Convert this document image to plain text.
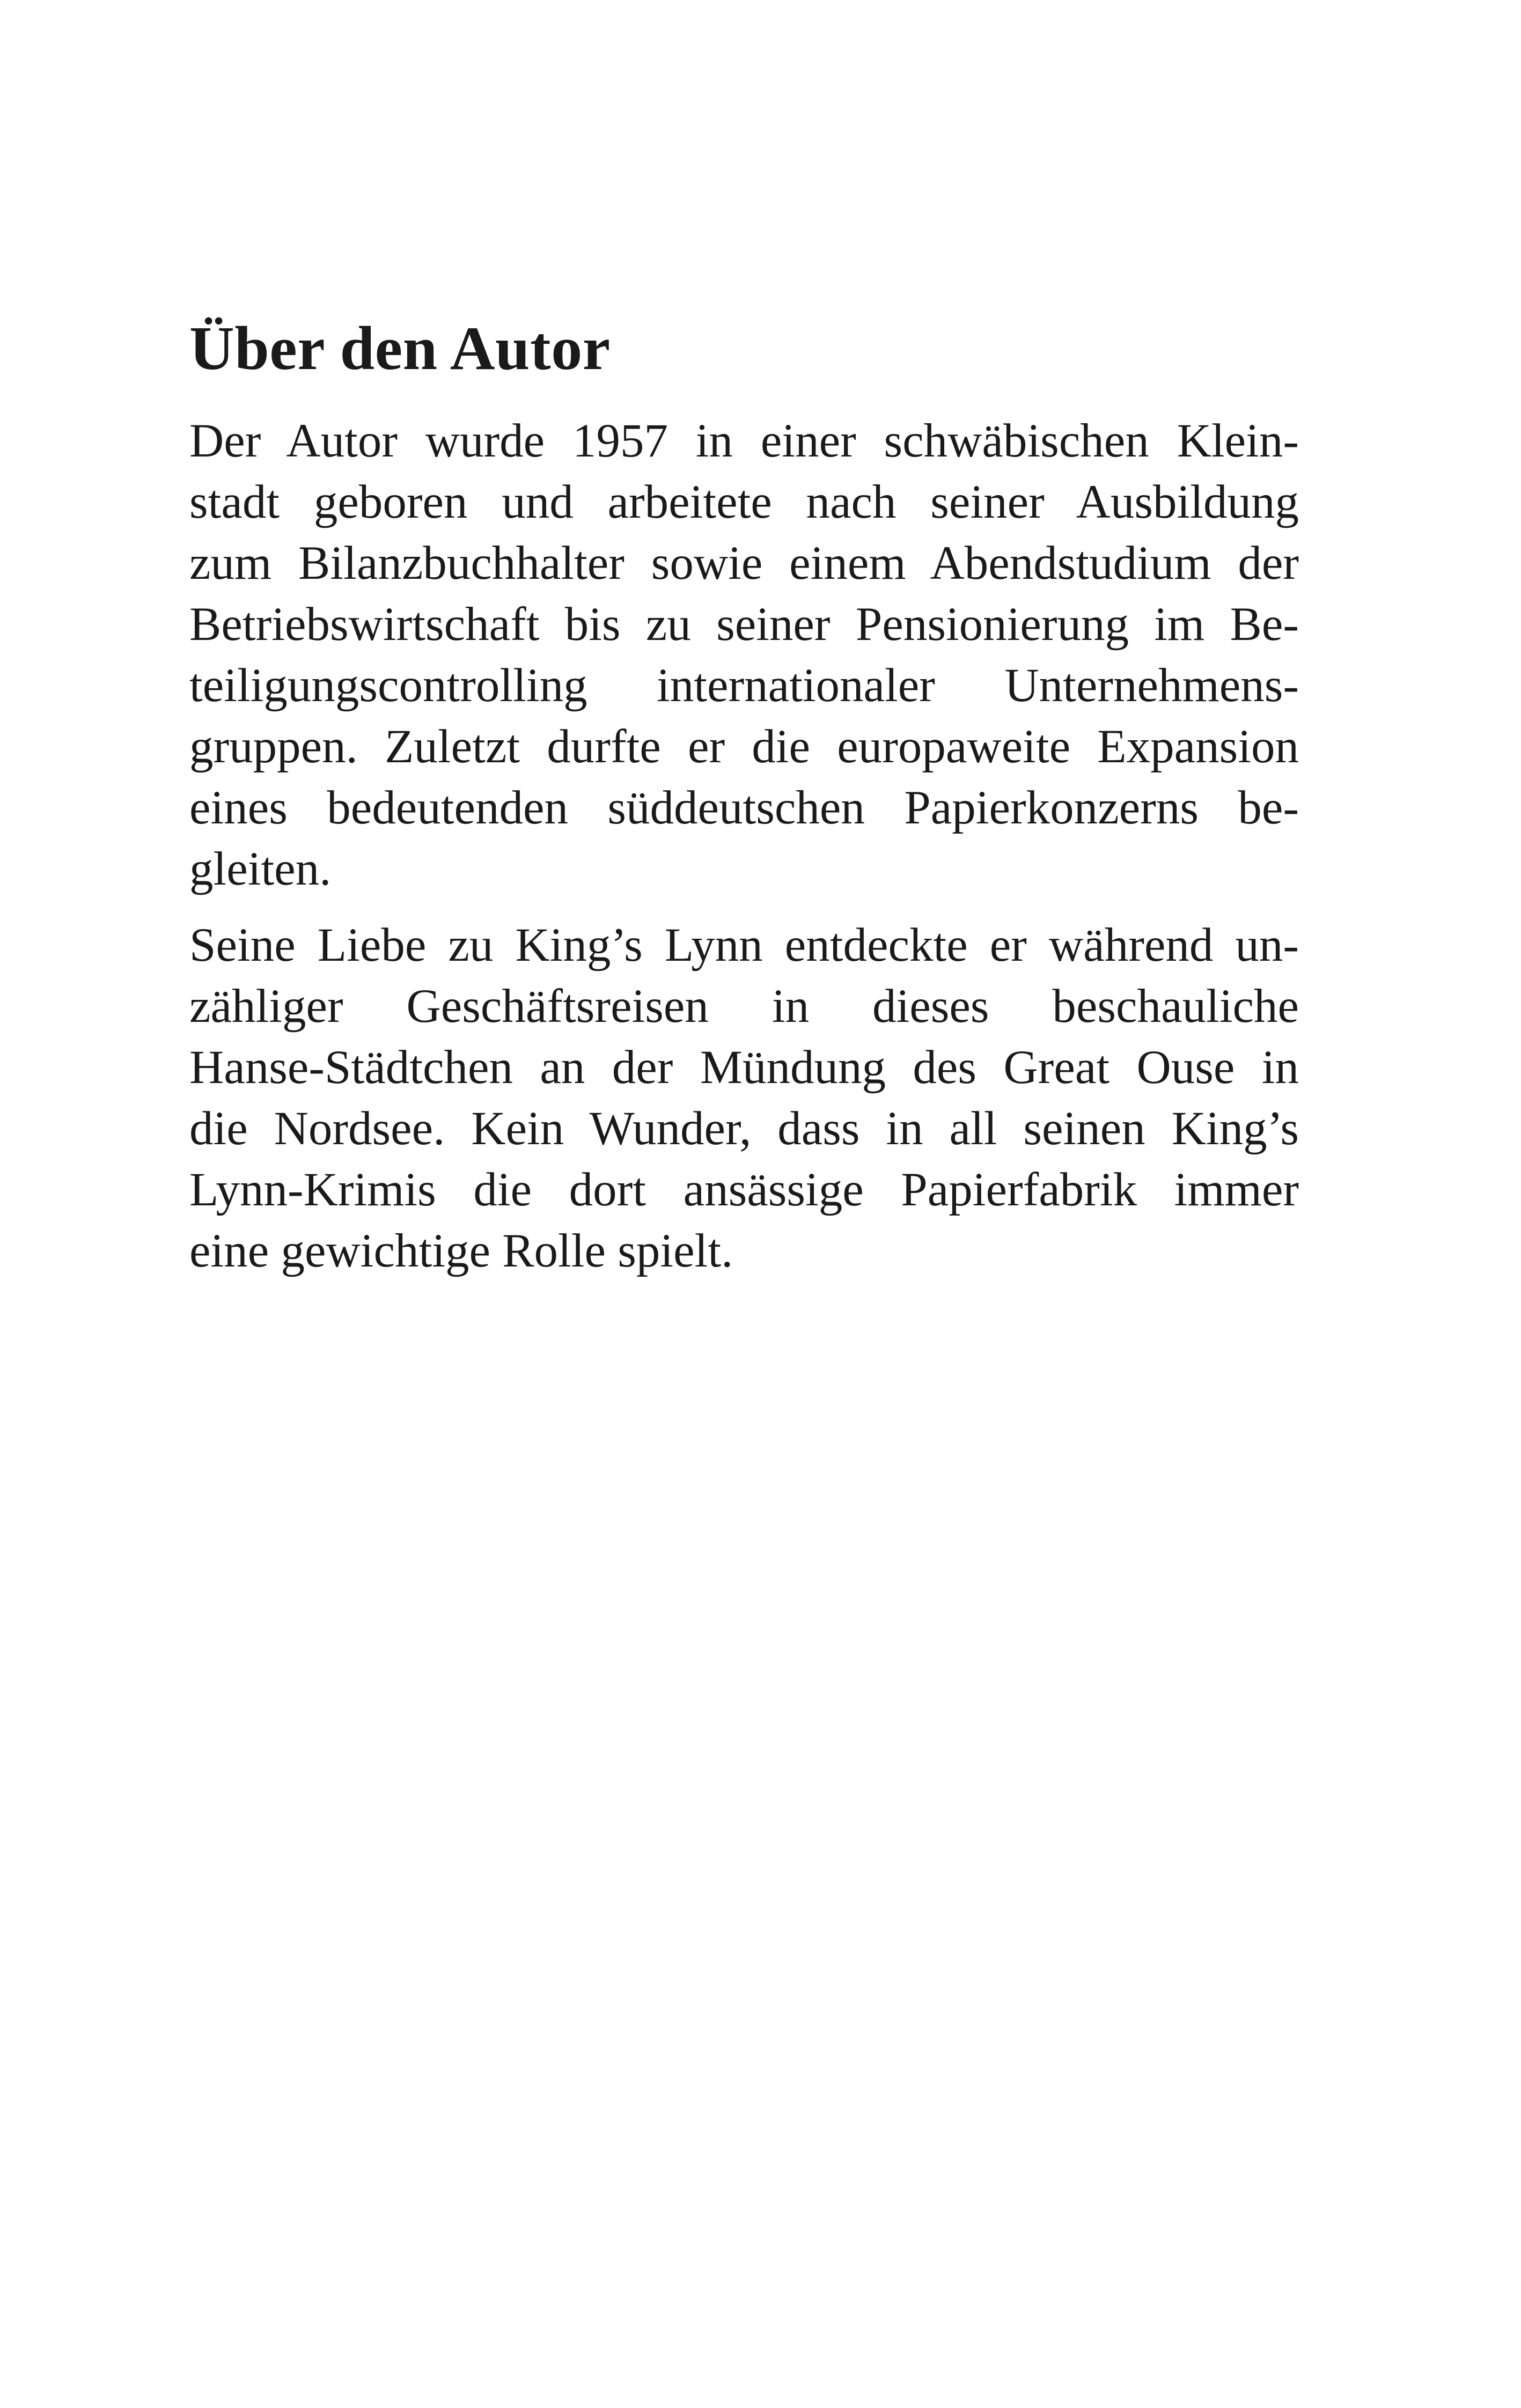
Über den Autor

Der Autor wurde 1957 in einer schwäbischen Klein-
stadt geboren und arbeitete nach seiner Ausbildung
zum Bilanzbuchhalter sowie einem Abendstudium der
Betriebswirtschaft bis zu seiner Pensionierung im Be-
teiligungscontrolling internationaler Unternehmens-
gruppen. Zuletzt durfte er die europaweite Expansion
eines bedeutenden süddeutschen Papierkonzerns be-
gleiten.

Seine Liebe zu King’s Lynn entdeckte er während un-
zähliger Geschäftsreisen in dieses beschauliche
Hanse-Städtchen an der Mündung des Great Ouse in
die Nordsee. Kein Wunder, dass in all seinen King’s
Lynn-Krimis die dort ansässige Papierfabrik immer
eine gewichtige Rolle spielt.
